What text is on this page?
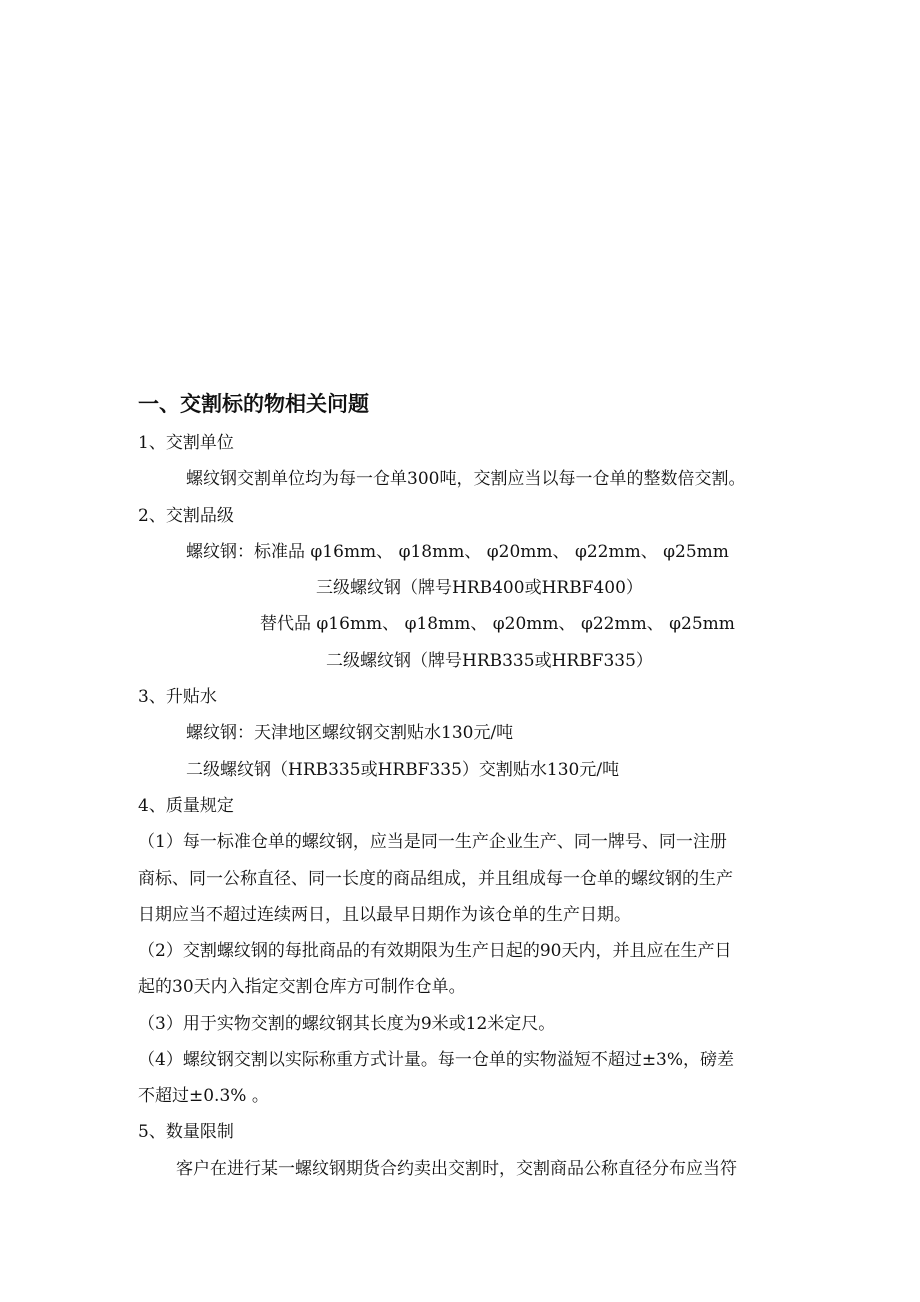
一、交割标的物相关问题
1、交割单位
螺纹钢交割单位均为每一仓单300吨，交割应当以每一仓单的整数倍交割。
2、交割品级
螺纹钢：标准品 φ16mm、 φ18mm、 φ20mm、 φ22mm、 φ25mm
三级螺纹钢（牌号HRB400或HRBF400）
替代品 φ16mm、 φ18mm、 φ20mm、 φ22mm、 φ25mm
二级螺纹钢（牌号HRB335或HRBF335）
3、升贴水
螺纹钢：天津地区螺纹钢交割贴水130元/吨
二级螺纹钢（HRB335或HRBF335）交割贴水130元/吨
4、质量规定
（1）每一标准仓单的螺纹钢，应当是同一生产企业生产、同一牌号、同一注册
商标、同一公称直径、同一长度的商品组成，并且组成每一仓单的螺纹钢的生产
日期应当不超过连续两日，且以最早日期作为该仓单的生产日期。
（2）交割螺纹钢的每批商品的有效期限为生产日起的90天内，并且应在生产日
起的30天内入指定交割仓库方可制作仓单。
（3）用于实物交割的螺纹钢其长度为9米或12米定尺。
（4）螺纹钢交割以实际称重方式计量。每一仓单的实物溢短不超过±3%，磅差
不超过±0.3% 。
5、数量限制
客户在进行某一螺纹钢期货合约卖出交割时，交割商品公称直径分布应当符
